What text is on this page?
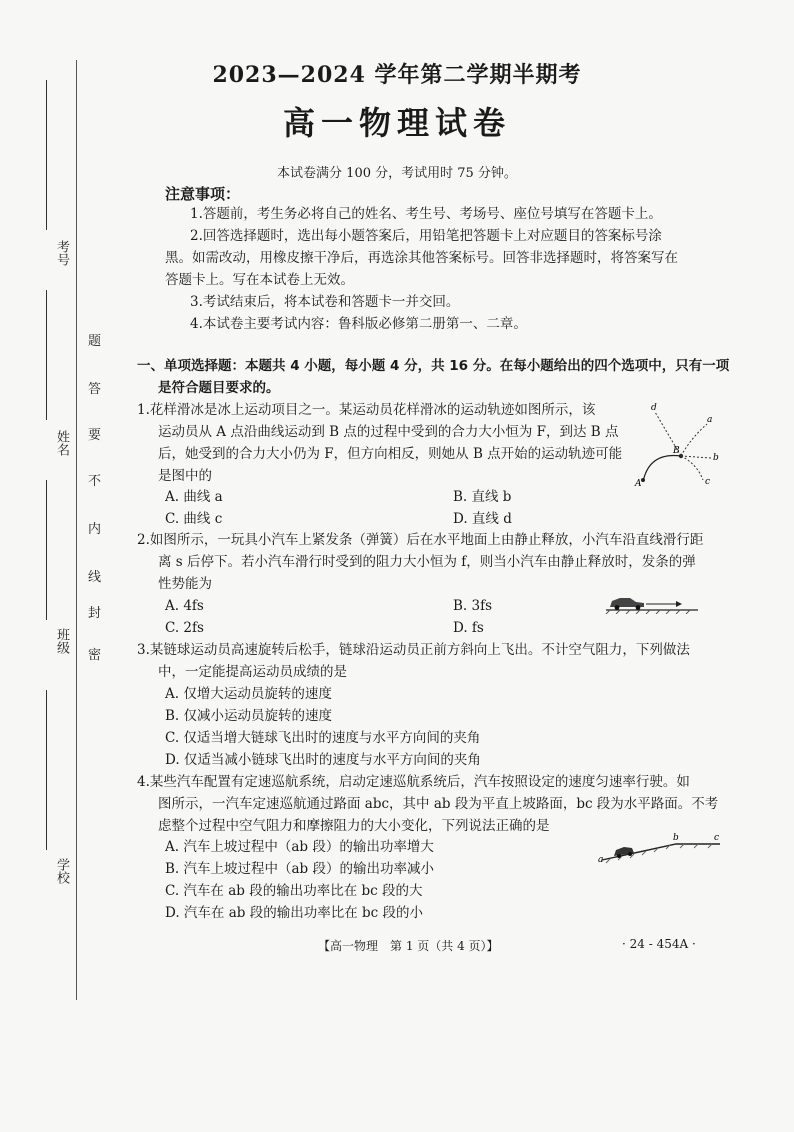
考号
姓名
班级
学校
题
答
要
不
内
线
封
密
2023—2024 学年第二学期半期考
高一物理试卷
本试卷满分 100 分，考试用时 75 分钟。
注意事项：
1.答题前，考生务必将自己的姓名、考生号、考场号、座位号填写在答题卡上。
2.回答选择题时，选出每小题答案后，用铅笔把答题卡上对应题目的答案标号涂
黑。如需改动，用橡皮擦干净后，再选涂其他答案标号。回答非选择题时，将答案写在
答题卡上。写在本试卷上无效。
3.考试结束后，将本试卷和答题卡一并交回。
4.本试卷主要考试内容：鲁科版必修第二册第一、二章。
一、单项选择题：本题共 4 小题，每小题 4 分，共 16 分。在每小题给出的四个选项中，只有一项
是符合题目要求的。
1.花样滑冰是冰上运动项目之一。某运动员花样滑冰的运动轨迹如图所示，该
运动员从 A 点沿曲线运动到 B 点的过程中受到的合力大小恒为 F，到达 B 点
后，她受到的合力大小仍为 F，但方向相反，则她从 B 点开始的运动轨迹可能
是图中的
A. 曲线 a	B. 直线 b
C. 曲线 c	D. 直线 d
d
a
b
c
B
A
2.如图所示，一玩具小汽车上紧发条（弹簧）后在水平地面上由静止释放，小汽车沿直线滑行距
离 s 后停下。若小汽车滑行时受到的阻力大小恒为 f，则当小汽车由静止释放时，发条的弹
性势能为
A. 4fs	B. 3fs
C. 2fs	D. fs
3.某链球运动员高速旋转后松手，链球沿运动员正前方斜向上飞出。不计空气阻力，下列做法
中，一定能提高运动员成绩的是
A. 仅增大运动员旋转的速度
B. 仅减小运动员旋转的速度
C. 仅适当增大链球飞出时的速度与水平方向间的夹角
D. 仅适当减小链球飞出时的速度与水平方向间的夹角
4.某些汽车配置有定速巡航系统，启动定速巡航系统后，汽车按照设定的速度匀速率行驶。如
图所示，一汽车定速巡航通过路面 abc，其中 ab 段为平直上坡路面，bc 段为水平路面。不考
虑整个过程中空气阻力和摩擦阻力的大小变化，下列说法正确的是
A. 汽车上坡过程中（ab 段）的输出功率增大
B. 汽车上坡过程中（ab 段）的输出功率减小
C. 汽车在 ab 段的输出功率比在 bc 段的大
D. 汽车在 ab 段的输出功率比在 bc 段的小
a
b	c
【高一物理　第 1 页（共 4 页）】	· 24 - 454A ·
